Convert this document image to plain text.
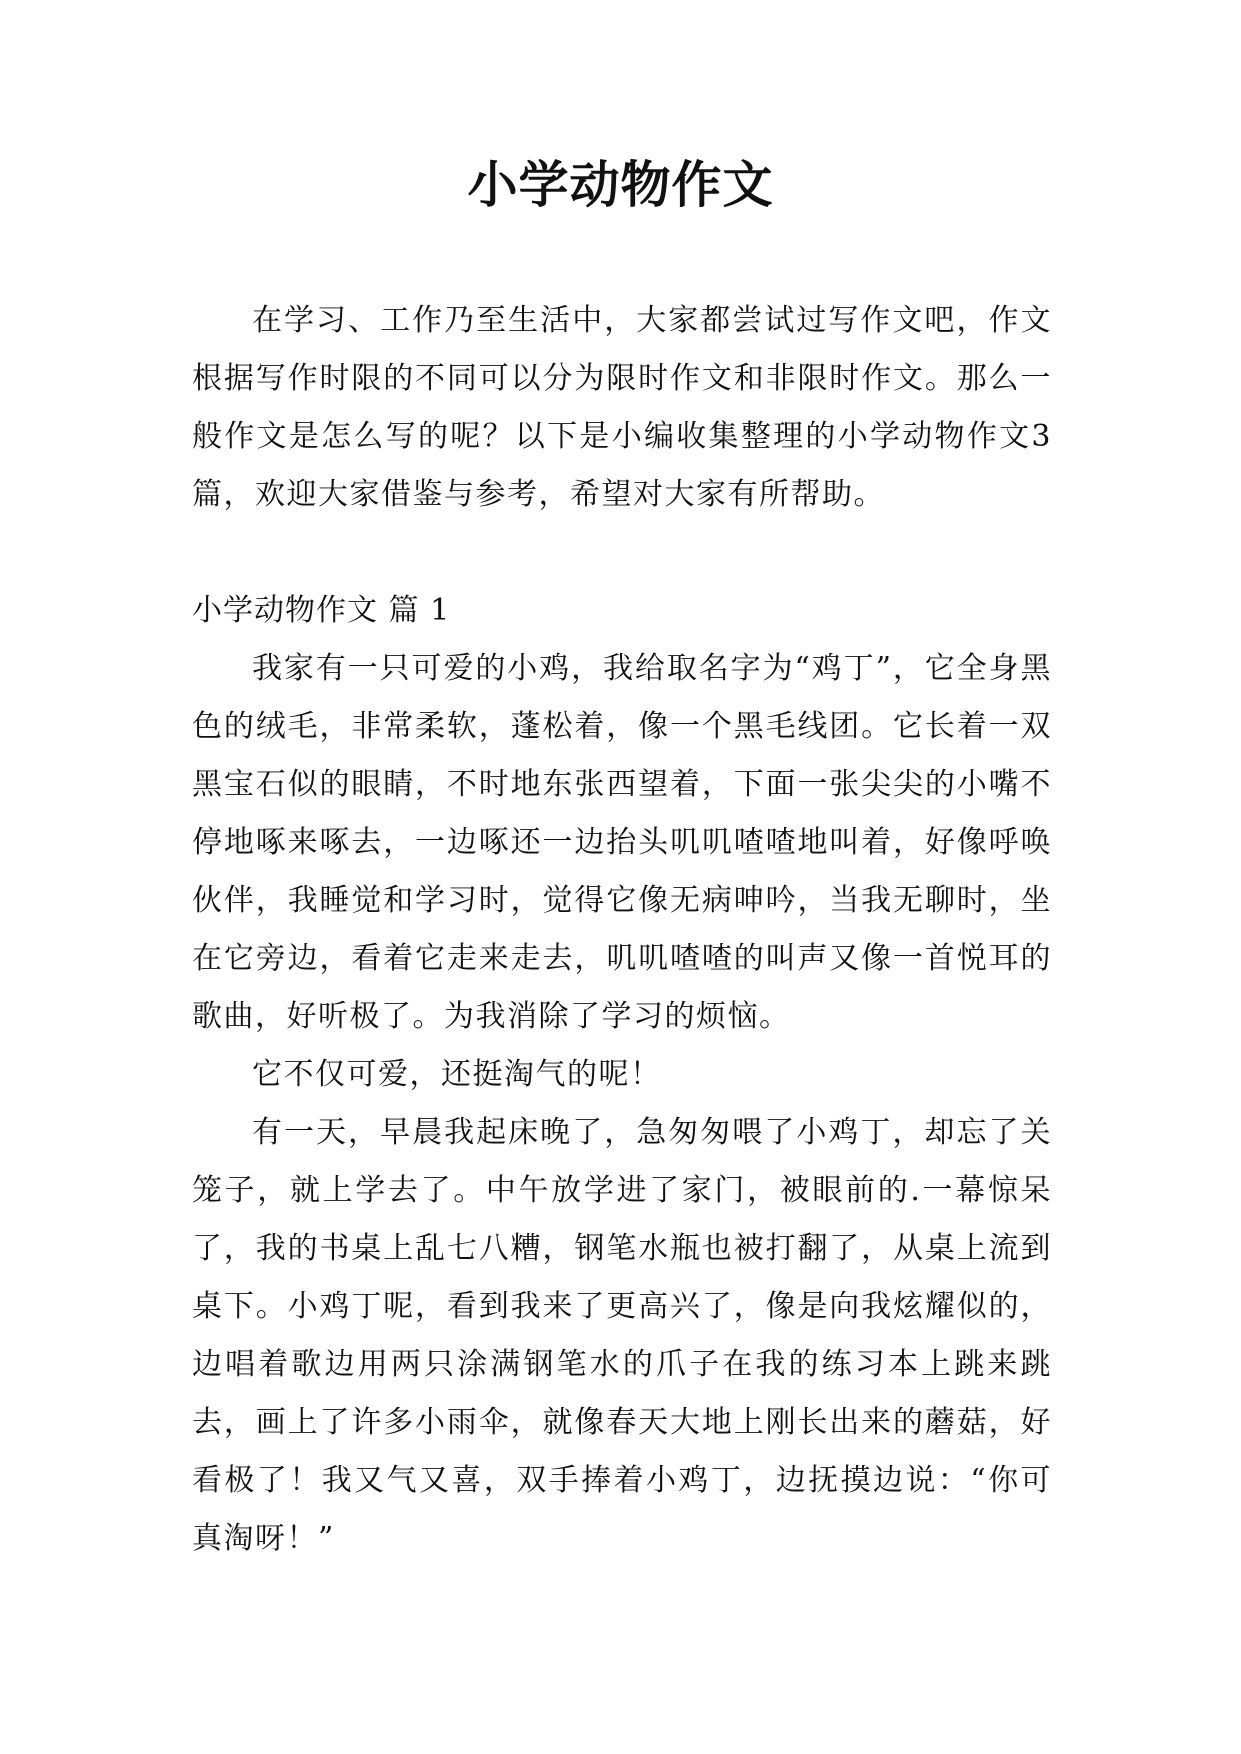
小学动物作文

在学习、工作乃至生活中，大家都尝试过写作文吧，作文根据写作时限的不同可以分为限时作文和非限时作文。那么一般作文是怎么写的呢？以下是小编收集整理的小学动物作文3篇，欢迎大家借鉴与参考，希望对大家有所帮助。

小学动物作文 篇 1

我家有一只可爱的小鸡，我给取名字为“鸡丁”，它全身黑色的绒毛，非常柔软，蓬松着，像一个黑毛线团。它长着一双黑宝石似的眼睛，不时地东张西望着，下面一张尖尖的小嘴不停地啄来啄去，一边啄还一边抬头叽叽喳喳地叫着，好像呼唤伙伴，我睡觉和学习时，觉得它像无病呻吟，当我无聊时，坐在它旁边，看着它走来走去，叽叽喳喳的叫声又像一首悦耳的歌曲，好听极了。为我消除了学习的烦恼。

它不仅可爱，还挺淘气的呢！

有一天，早晨我起床晚了，急匆匆喂了小鸡丁，却忘了关笼子，就上学去了。中午放学进了家门，被眼前的.一幕惊呆了，我的书桌上乱七八糟，钢笔水瓶也被打翻了，从桌上流到桌下。小鸡丁呢，看到我来了更高兴了，像是向我炫耀似的，边唱着歌边用两只涂满钢笔水的爪子在我的练习本上跳来跳去，画上了许多小雨伞，就像春天大地上刚长出来的蘑菇，好看极了！我又气又喜，双手捧着小鸡丁，边抚摸边说：“你可真淘呀！”
